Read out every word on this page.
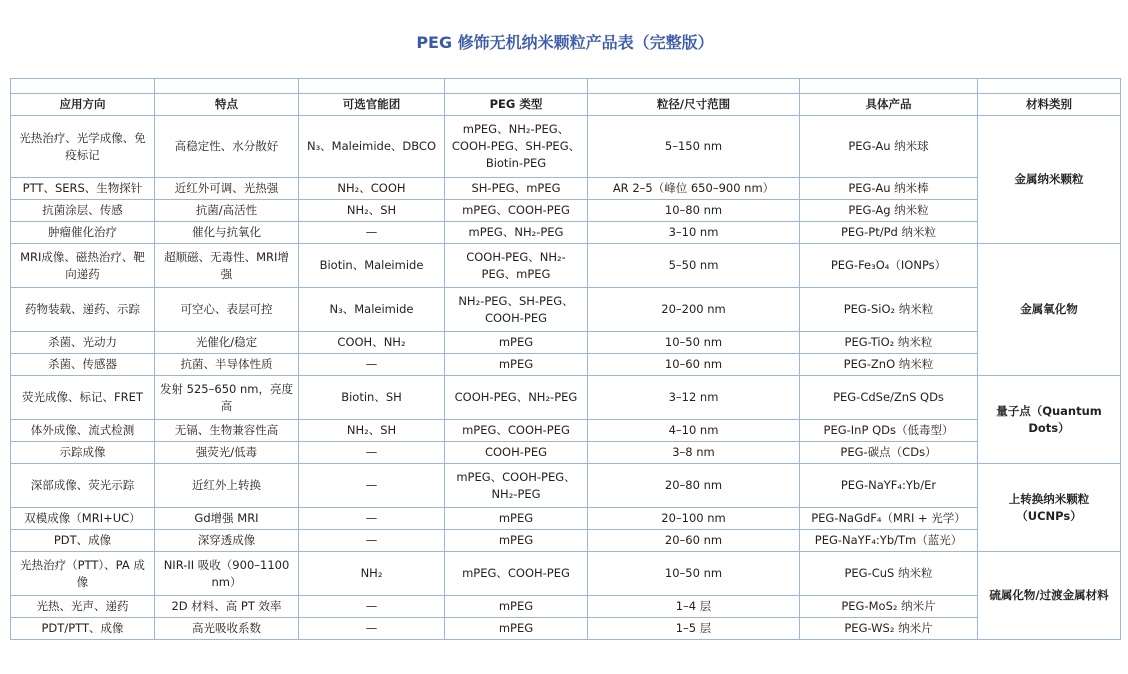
PEG 修饰无机纳米颗粒产品表（完整版）

应用方向	特点	可选官能团	PEG 类型	粒径/尺寸范围	具体产品	材料类别
光热治疗、光学成像、免疫标记	高稳定性、水分散好	N₃、Maleimide、DBCO	mPEG、NH₂-PEG、COOH-PEG、SH-PEG、Biotin-PEG	5–150 nm	PEG-Au 纳米球	金属纳米颗粒
PTT、SERS、生物探针	近红外可调、光热强	NH₂、COOH	SH-PEG、mPEG	AR 2–5（峰位 650–900 nm）	PEG-Au 纳米棒	
抗菌涂层、传感	抗菌/高活性	NH₂、SH	mPEG、COOH-PEG	10–80 nm	PEG-Ag 纳米粒	
肿瘤催化治疗	催化与抗氧化	—	mPEG、NH₂-PEG	3–10 nm	PEG-Pt/Pd 纳米粒	
MRI成像、磁热治疗、靶向递药	超顺磁、无毒性、MRI增强	Biotin、Maleimide	COOH-PEG、NH₂-PEG、mPEG	5–50 nm	PEG-Fe₃O₄（IONPs）	金属氧化物
药物装载、递药、示踪	可空心、表层可控	N₃、Maleimide	NH₂-PEG、SH-PEG、COOH-PEG	20–200 nm	PEG-SiO₂ 纳米粒	
杀菌、光动力	光催化/稳定	COOH、NH₂	mPEG	10–50 nm	PEG-TiO₂ 纳米粒	
杀菌、传感器	抗菌、半导体性质	—	mPEG	10–60 nm	PEG-ZnO 纳米粒	
荧光成像、标记、FRET	发射 525–650 nm，亮度高	Biotin、SH	COOH-PEG、NH₂-PEG	3–12 nm	PEG-CdSe/ZnS QDs	量子点（Quantum Dots）
体外成像、流式检测	无镉、生物兼容性高	NH₂、SH	mPEG、COOH-PEG	4–10 nm	PEG-InP QDs（低毒型）	
示踪成像	强荧光/低毒	—	COOH-PEG	3–8 nm	PEG-碳点（CDs）	
深部成像、荧光示踪	近红外上转换	—	mPEG、COOH-PEG、NH₂-PEG	20–80 nm	PEG-NaYF₄:Yb/Er	上转换纳米颗粒（UCNPs）
双模成像（MRI+UC）	Gd增强 MRI	—	mPEG	20–100 nm	PEG-NaGdF₄（MRI + 光学）	
PDT、成像	深穿透成像	—	mPEG	20–60 nm	PEG-NaYF₄:Yb/Tm（蓝光）	
光热治疗（PTT）、PA 成像	NIR-II 吸收（900–1100 nm）	NH₂	mPEG、COOH-PEG	10–50 nm	PEG-CuS 纳米粒	硫属化物/过渡金属材料
光热、光声、递药	2D 材料、高 PT 效率	—	mPEG	1–4 层	PEG-MoS₂ 纳米片	
PDT/PTT、成像	高光吸收系数	—	mPEG	1–5 层	PEG-WS₂ 纳米片	
